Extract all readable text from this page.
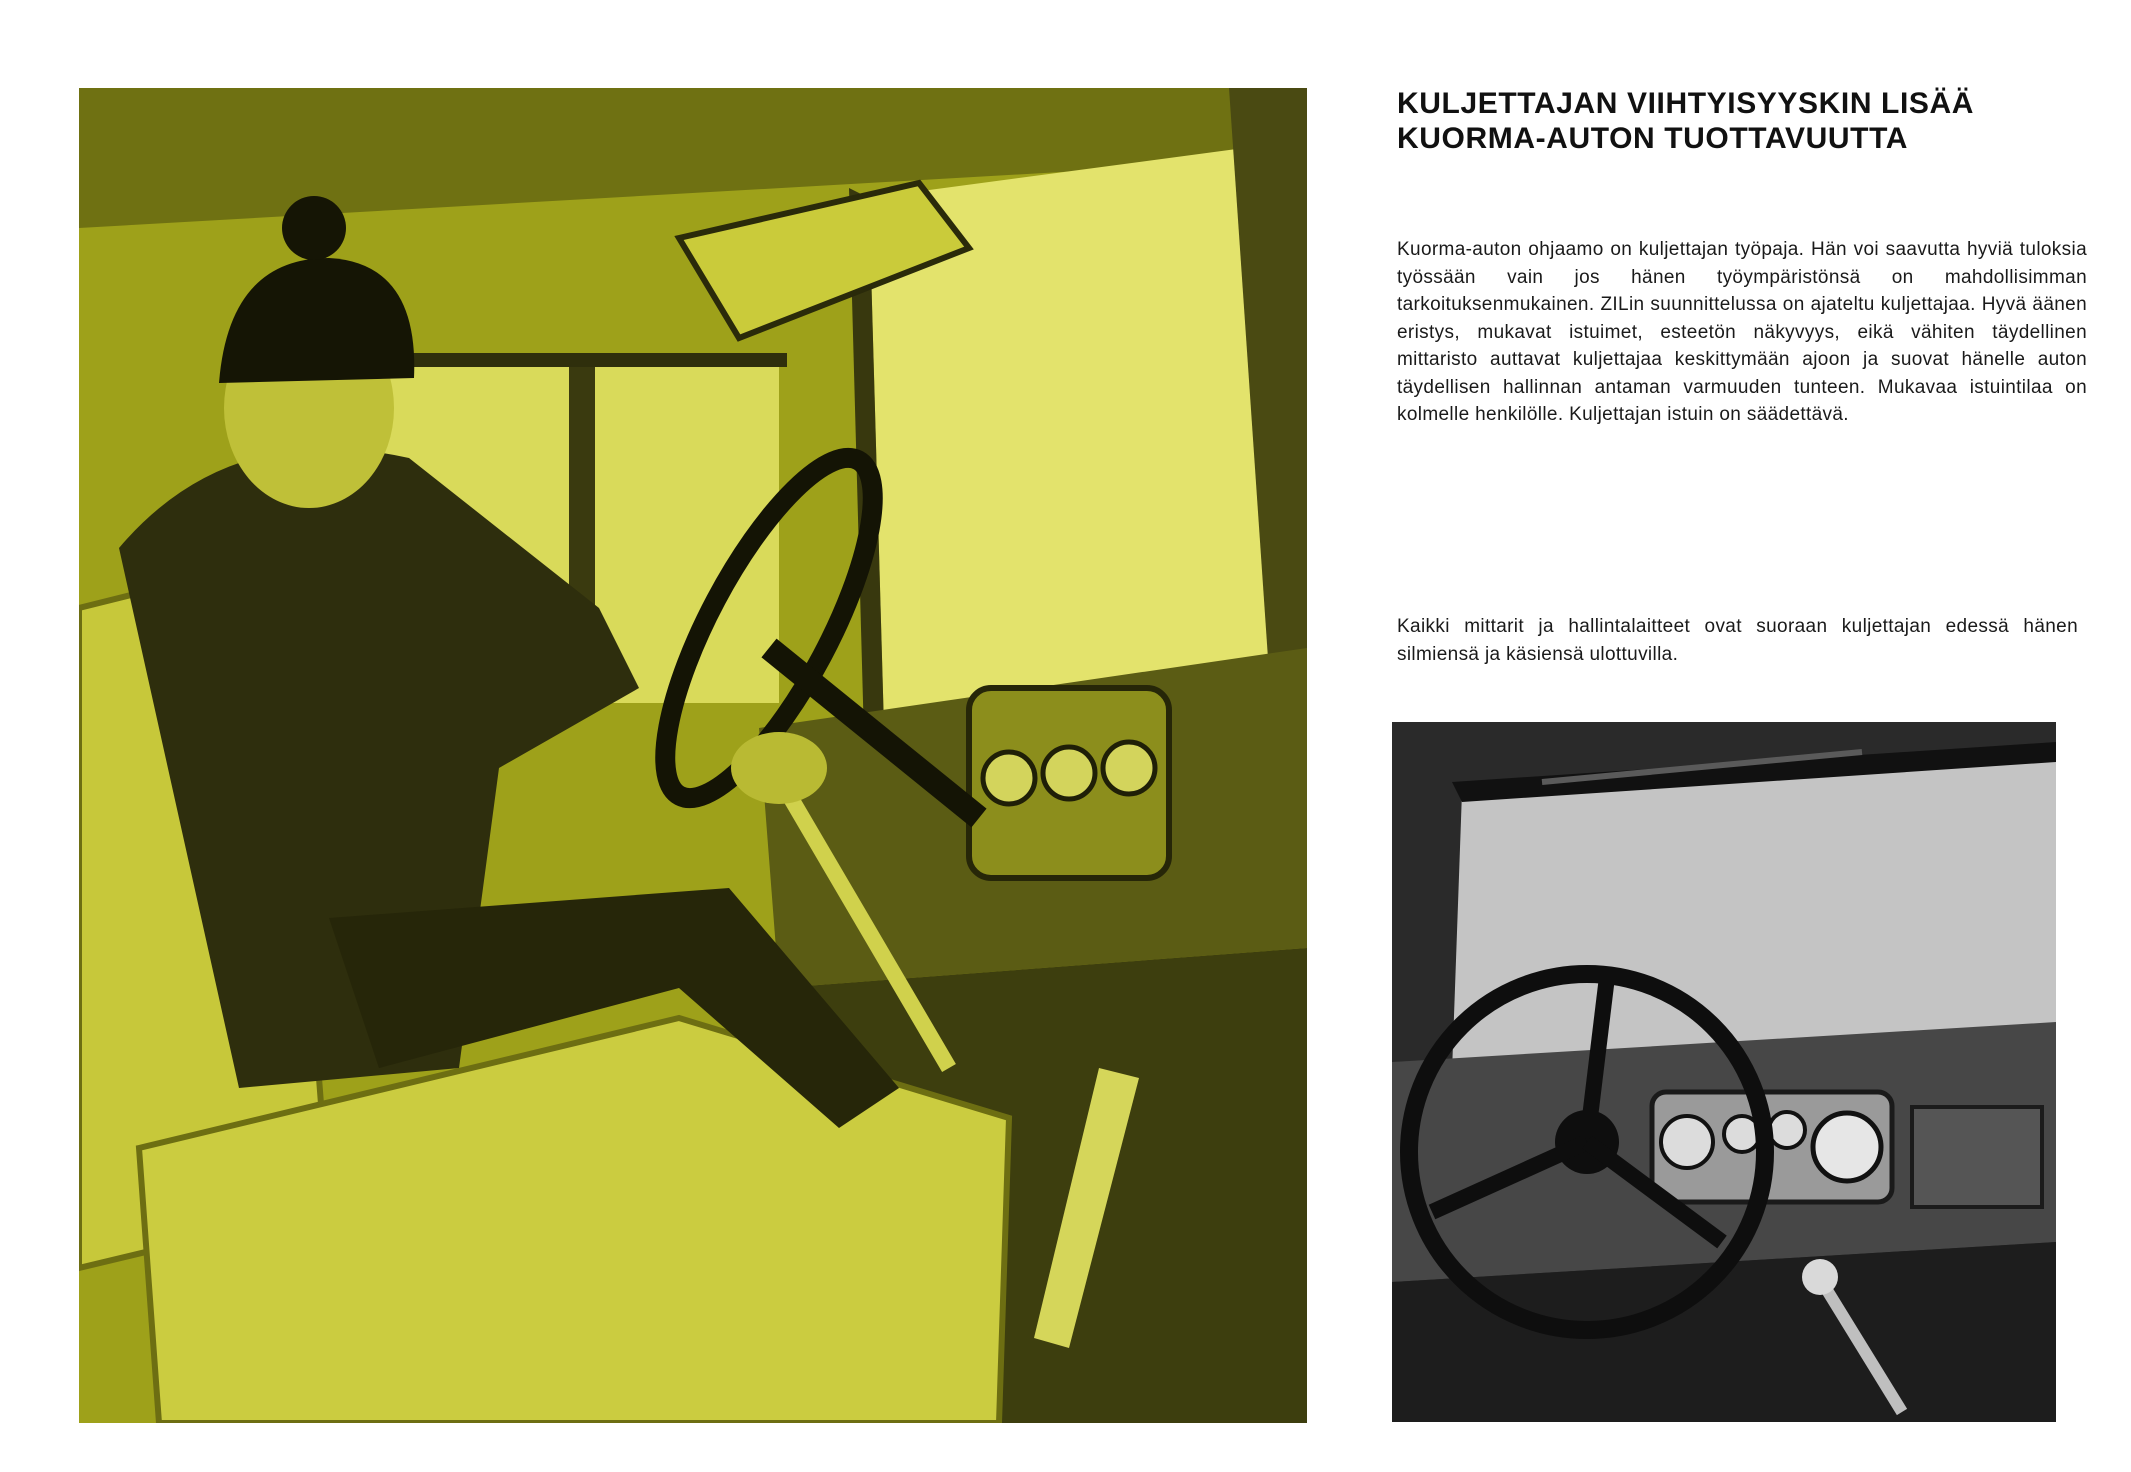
KULJETTAJAN VIIHTYISYYSKIN LISÄÄ
KUORMA-AUTON TUOTTAVUUTTA

Kuorma-auton ohjaamo on kuljettajan työpaja. Hän voi saavutta hyviä tuloksia työssään vain jos hänen työympäristönsä on mahdollisimman tarkoituksenmukainen. ZILin suunnittelussa on ajateltu kuljettajaa. Hyvä äänen eristys, mukavat istuimet, esteetön näkyvyys, eikä vähiten täydellinen mittaristo auttavat kuljettajaa keskittymään ajoon ja suovat hänelle auton täydellisen hallinnan antaman varmuuden tunteen. Mukavaa istuintilaa on kolmelle henkilölle. Kuljettajan istuin on säädettävä.

Kaikki mittarit ja hallintalaitteet ovat suoraan kuljettajan edessä hänen silmiensä ja käsiensä ulottuvilla.
